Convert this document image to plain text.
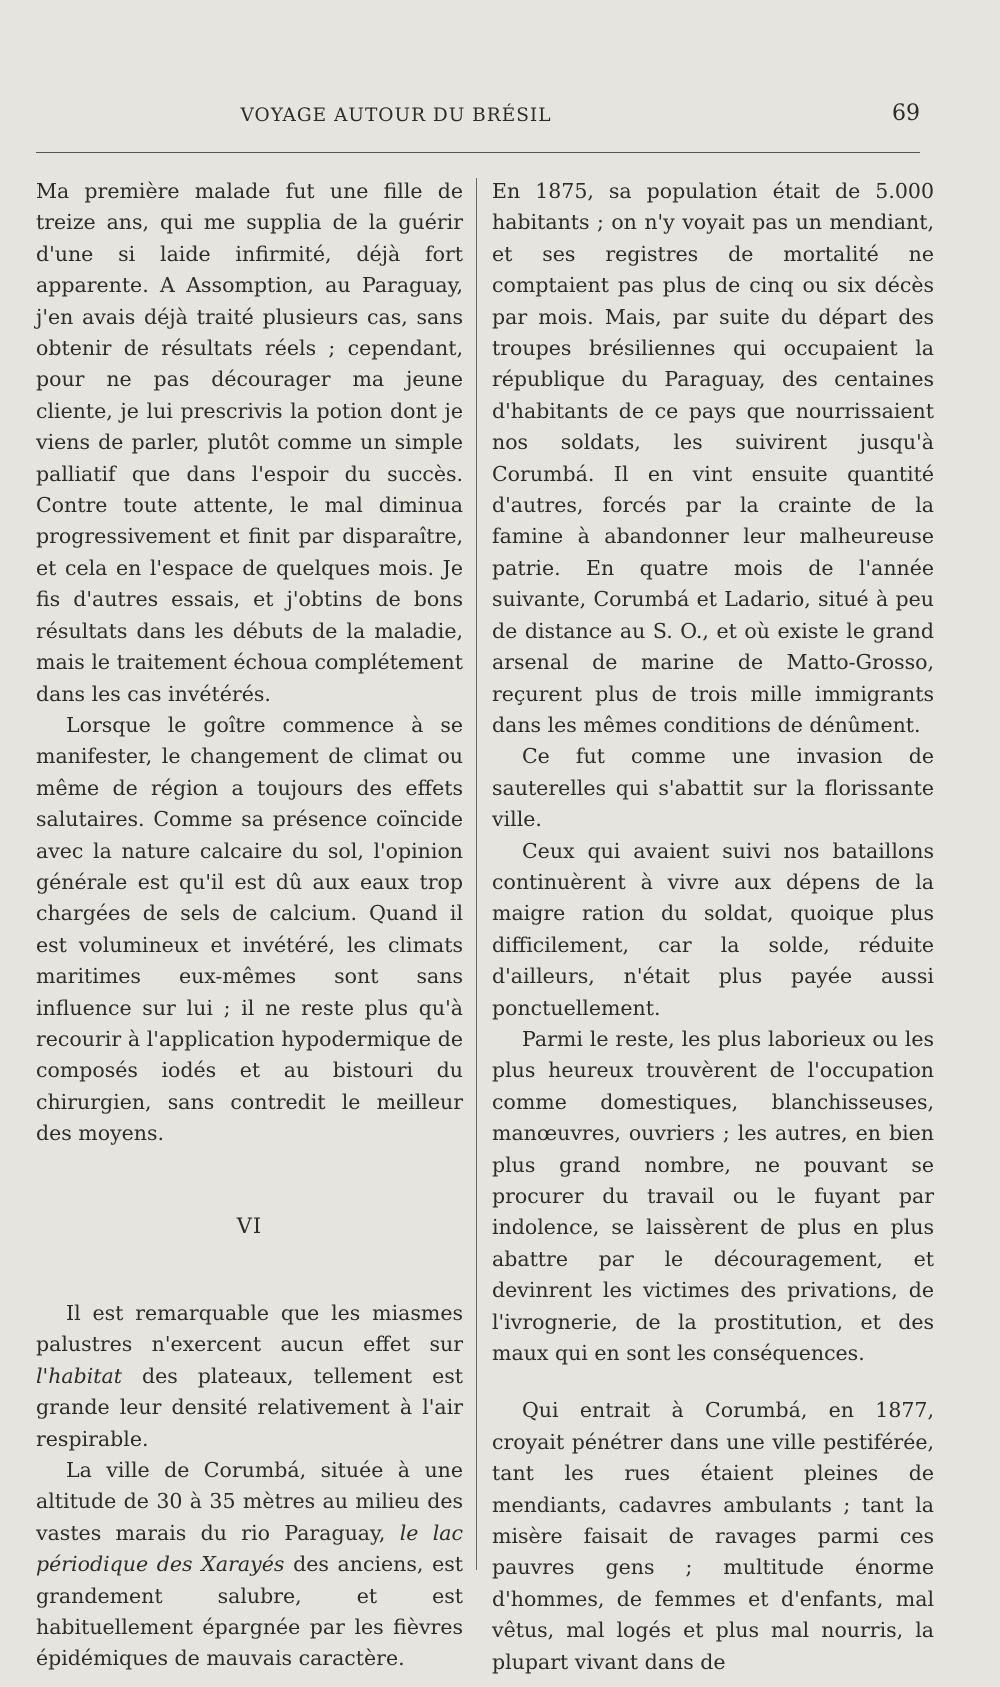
VOYAGE AUTOUR DU BRÉSIL	69

Ma première malade fut une fille de treize ans, qui me supplia de la guérir d'une si laide infirmité, déjà fort apparente. A Assomption, au Paraguay, j'en avais déjà traité plusieurs cas, sans obtenir de résultats réels ; cependant, pour ne pas décourager ma jeune cliente, je lui prescrivis la potion dont je viens de parler, plutôt comme un simple palliatif que dans l'espoir du succès. Contre toute attente, le mal diminua progressivement et finit par disparaître, et cela en l'espace de quelques mois. Je fis d'autres essais, et j'obtins de bons résultats dans les débuts de la maladie, mais le traitement échoua complétement dans les cas invétérés.

Lorsque le goître commence à se manifester, le changement de climat ou même de région a toujours des effets salutaires. Comme sa présence coïncide avec la nature calcaire du sol, l'opinion générale est qu'il est dû aux eaux trop chargées de sels de calcium. Quand il est volumineux et invétéré, les climats maritimes eux-mêmes sont sans influence sur lui ; il ne reste plus qu'à recourir à l'application hypodermique de composés iodés et au bistouri du chirurgien, sans contredit le meilleur des moyens.

VI

Il est remarquable que les miasmes palustres n'exercent aucun effet sur l'habitat des plateaux, tellement est grande leur densité relativement à l'air respirable.

La ville de Corumbá, située à une altitude de 30 à 35 mètres au milieu des vastes marais du rio Paraguay, le lac périodique des Xarayés des anciens, est grandement salubre, et est habituellement épargnée par les fièvres épidémiques de mauvais caractère.

En 1875, sa population était de 5.000 habitants ; on n'y voyait pas un mendiant, et ses registres de mortalité ne comptaient pas plus de cinq ou six décès par mois. Mais, par suite du départ des troupes brésiliennes qui occupaient la république du Paraguay, des centaines d'habitants de ce pays que nourrissaient nos soldats, les suivirent jusqu'à Corumbá. Il en vint ensuite quantité d'autres, forcés par la crainte de la famine à abandonner leur malheureuse patrie. En quatre mois de l'année suivante, Corumbá et Ladario, situé à peu de distance au S. O., et où existe le grand arsenal de marine de Matto-Grosso, reçurent plus de trois mille immigrants dans les mêmes conditions de dénûment.

Ce fut comme une invasion de sauterelles qui s'abattit sur la florissante ville.

Ceux qui avaient suivi nos bataillons continuèrent à vivre aux dépens de la maigre ration du soldat, quoique plus difficilement, car la solde, réduite d'ailleurs, n'était plus payée aussi ponctuellement.

Parmi le reste, les plus laborieux ou les plus heureux trouvèrent de l'occupation comme domestiques, blanchisseuses, manœuvres, ouvriers ; les autres, en bien plus grand nombre, ne pouvant se procurer du travail ou le fuyant par indolence, se laissèrent de plus en plus abattre par le découragement, et devinrent les victimes des privations, de l'ivrognerie, de la prostitution, et des maux qui en sont les conséquences.

Qui entrait à Corumbá, en 1877, croyait pénétrer dans une ville pestiférée, tant les rues étaient pleines de mendiants, cadavres ambulants ; tant la misère faisait de ravages parmi ces pauvres gens ; multitude énorme d'hommes, de femmes et d'enfants, mal vêtus, mal logés et plus mal nourris, la plupart vivant dans de
